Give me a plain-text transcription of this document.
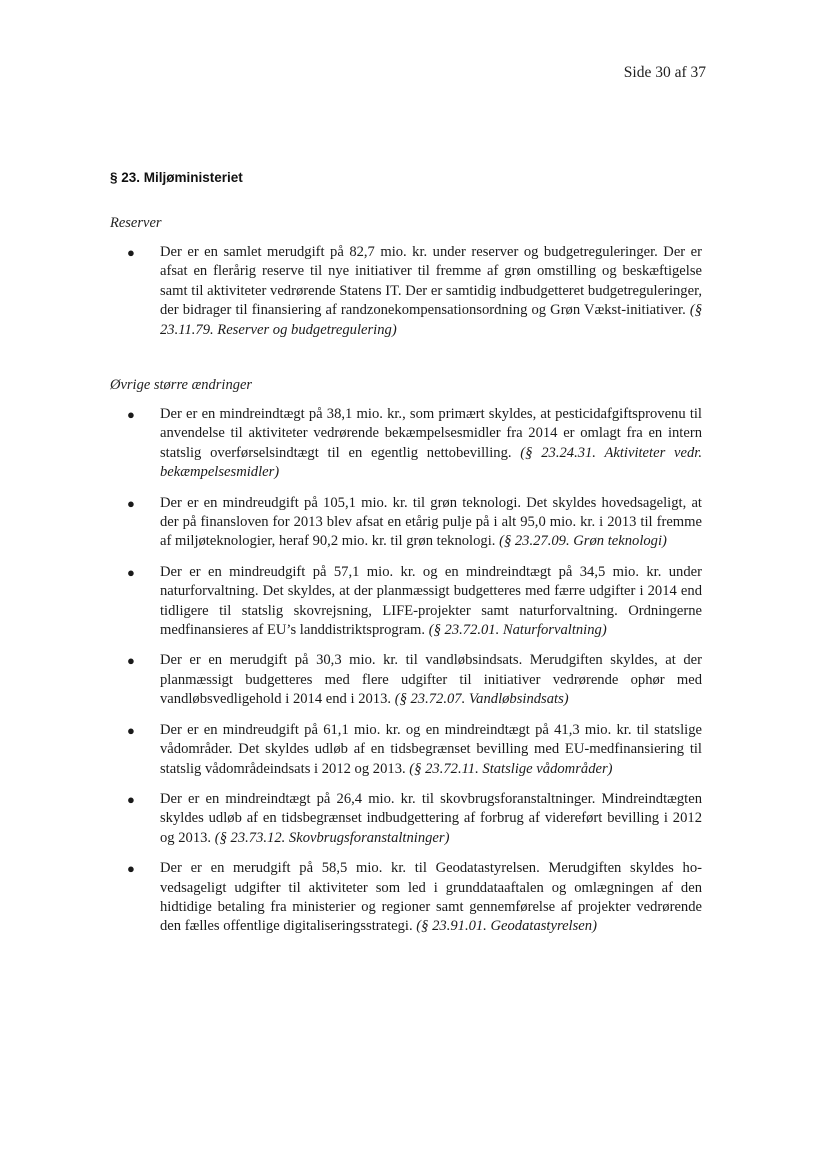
Side 30 af 37
§ 23. Miljøministeriet
Reserver
● Der er en samlet merudgift på 82,7 mio. kr. under reserver og budgetreguleringer. Der er afsat en flerårig reserve til nye initiativer til fremme af grøn omstilling og beskæftigelse samt til aktiviteter vedrørende Statens IT. Der er samtidig indbudgetteret budgetreguleringer, der bidrager til finansiering af randzonekompensationsordning og Grøn Vækst-initiativer. (§ 23.11.79. Reserver og budgetregulering)
Øvrige større ændringer
● Der er en mindreindtægt på 38,1 mio. kr., som primært skyldes, at pesticidafgiftsprovenu til anvendelse til aktiviteter vedrørende bekæmpelsesmidler fra 2014 er omlagt fra en intern statslig overførselsindtægt til en egentlig nettobevilling. (§ 23.24.31. Aktiviteter vedr. bekæmpelsesmidler)
● Der er en mindreudgift på 105,1 mio. kr. til grøn teknologi. Det skyldes hovedsageligt, at der på finansloven for 2013 blev afsat en etårig pulje på i alt 95,0 mio. kr. i 2013 til fremme af miljøteknologier, heraf 90,2 mio. kr. til grøn teknologi. (§ 23.27.09. Grøn teknologi)
● Der er en mindreudgift på 57,1 mio. kr. og en mindreindtægt på 34,5 mio. kr. under naturforvaltning. Det skyldes, at der planmæssigt budgetteres med færre udgifter i 2014 end tidligere til statslig skovrejsning, LIFE-projekter samt naturforvaltning. Ordningerne medfinansieres af EU’s landdistriktsprogram. (§ 23.72.01. Naturforvaltning)
● Der er en merudgift på 30,3 mio. kr. til vandløbsindsats. Merudgiften skyldes, at der planmæssigt budgetteres med flere udgifter til initiativer vedrørende ophør med vandløbsvedligehold i 2014 end i 2013. (§ 23.72.07. Vandløbsindsats)
● Der er en mindreudgift på 61,1 mio. kr. og en mindreindtægt på 41,3 mio. kr. til statslige vådområder. Det skyldes udløb af en tidsbegrænset bevilling med EU-medfinansiering til statslig vådområdeindsats i 2012 og 2013. (§ 23.72.11. Statslige vådområder)
● Der er en mindreindtægt på 26,4 mio. kr. til skovbrugsforanstaltninger. Mindreindtægten skyldes udløb af en tidsbegrænset indbudgettering af forbrug af videreført bevilling i 2012 og 2013. (§ 23.73.12. Skovbrugsforanstaltninger)
● Der er en merudgift på 58,5 mio. kr. til Geodatastyrelsen. Merudgiften skyldes hovedsageligt udgifter til aktiviteter som led i grunddataaftalen og omlægningen af den hidtidige betaling fra ministerier og regioner samt gennemførelse af projekter vedrørende den fælles offentlige digitaliseringsstrategi. (§ 23.91.01. Geodatastyrelsen)
